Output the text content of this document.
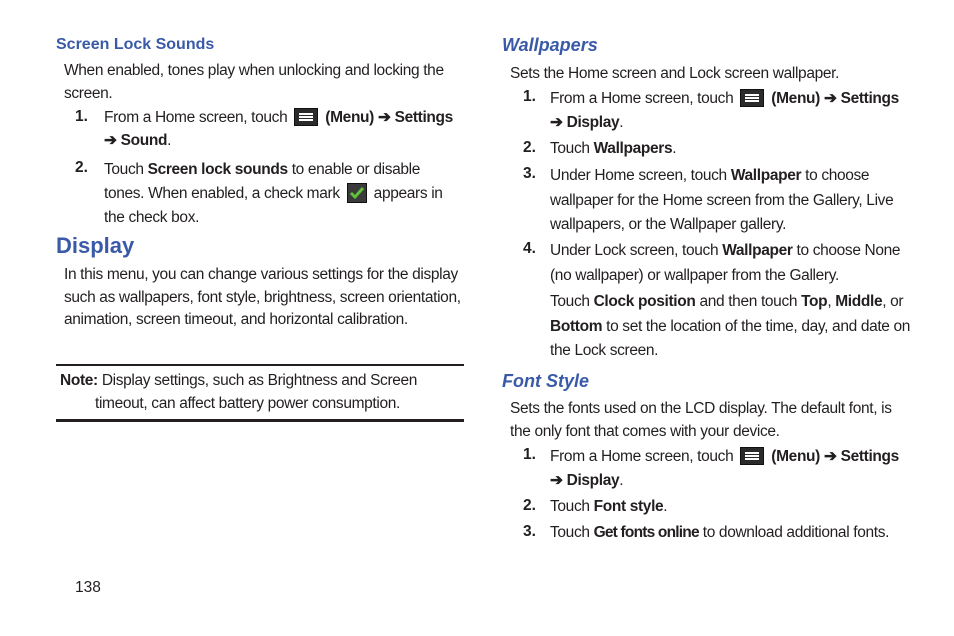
Screen Lock Sounds
When enabled, tones play when unlocking and locking the screen.
1. From a Home screen, touch (Menu) ➔ Settings
➔ Sound.
2. Touch Screen lock sounds to enable or disable tones. When enabled, a check mark appears in the check box.
Display
In this menu, you can change various settings for the display such as wallpapers, font style, brightness, screen orientation, animation, screen timeout, and horizontal calibration.
Note: Display settings, such as Brightness and Screen
timeout, can affect battery power consumption.
Wallpapers
Sets the Home screen and Lock screen wallpaper.
1. From a Home screen, touch (Menu) ➔ Settings
➔ Display.
2. Touch Wallpapers.
3. Under Home screen, touch Wallpaper to choose wallpaper for the Home screen from the Gallery, Live wallpapers, or the Wallpaper gallery.
4. Under Lock screen, touch Wallpaper to choose None (no wallpaper) or wallpaper from the Gallery.
Touch Clock position and then touch Top, Middle, or Bottom to set the location of the time, day, and date on the Lock screen.
Font Style
Sets the fonts used on the LCD display. The default font, is the only font that comes with your device.
1. From a Home screen, touch (Menu) ➔ Settings
➔ Display.
2. Touch Font style.
3. Touch Get fonts online to download additional fonts.
138
